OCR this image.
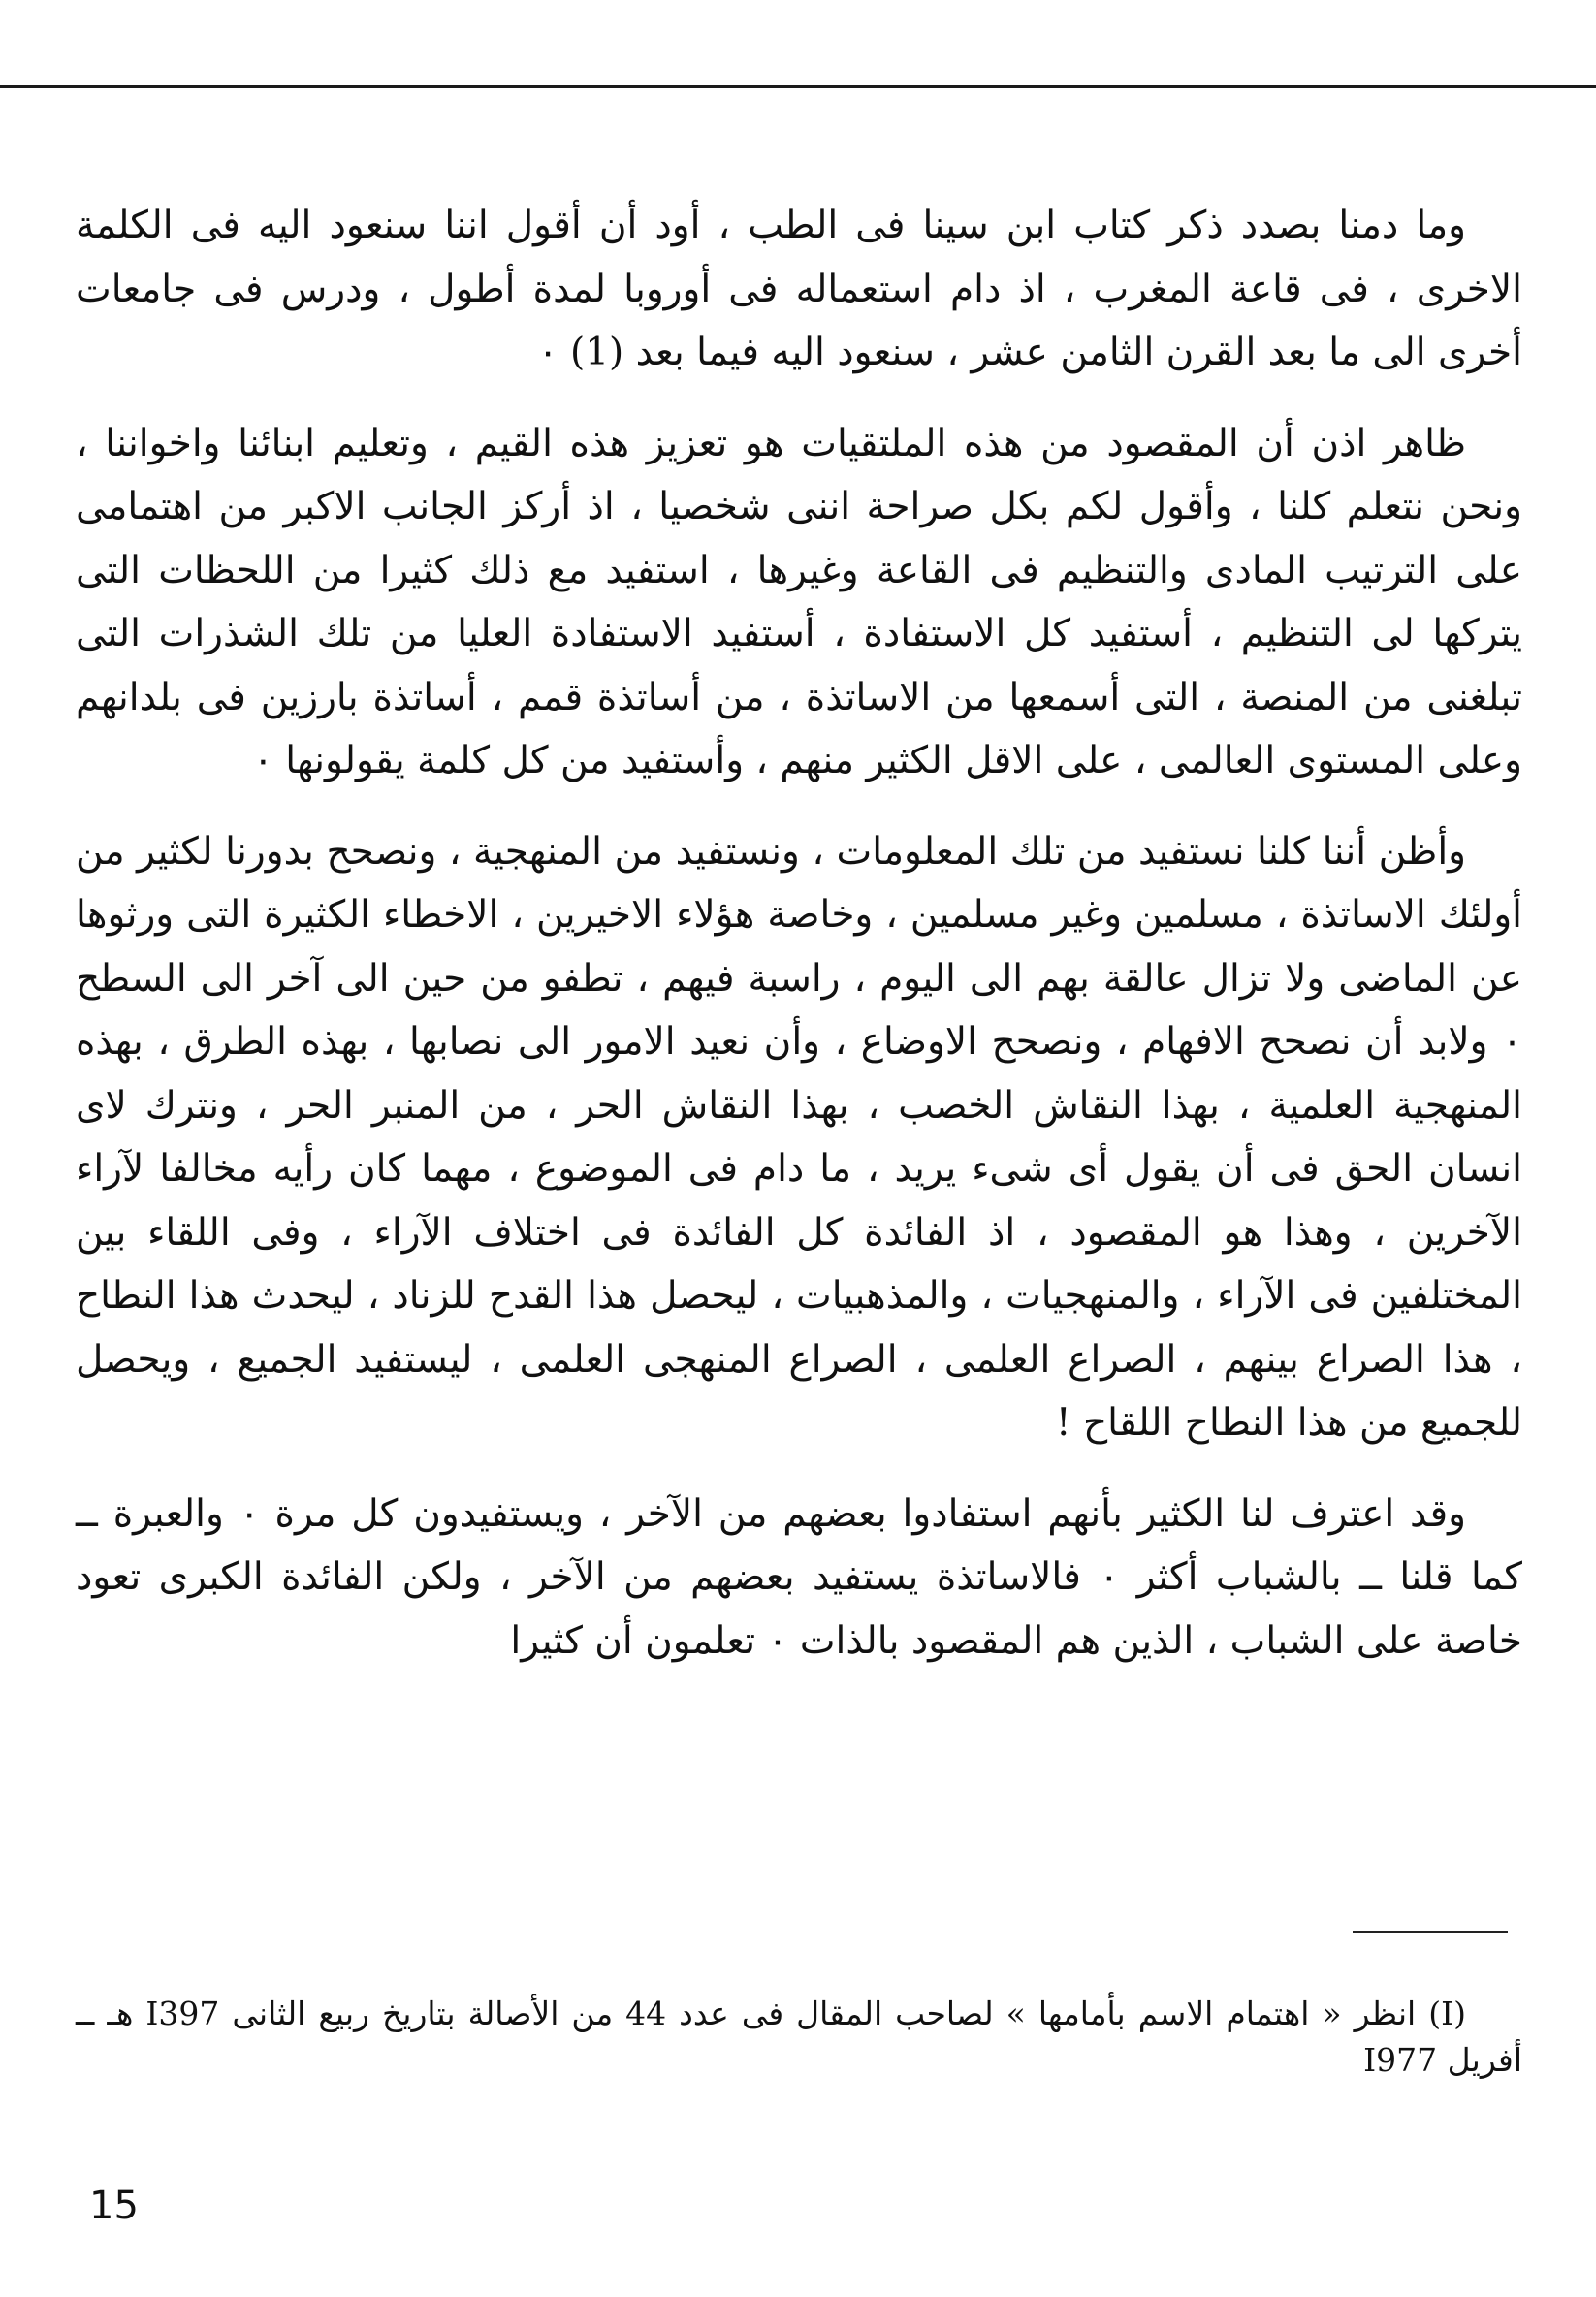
وما دمنا بصدد ذكر كتاب ابن سينا فى الطب ، أود أن أقول اننا سنعود اليه فى الكلمة الاخرى ، فى قاعة المغرب ، اذ دام استعماله فى أوروبا لمدة أطول ، ودرس فى جامعات أخرى الى ما بعد القرن الثامن عشر ، سنعود اليه فيما بعد (1) ٠

ظاهر اذن أن المقصود من هذه الملتقيات هو تعزيز هذه القيم ، وتعليم ابنائنا واخواننا ، ونحن نتعلم كلنا ، وأقول لكم بكل صراحة اننى شخصيا ، اذ أركز الجانب الاكبر من اهتمامى على الترتيب المادى والتنظيم فى القاعة وغيرها ، استفيد مع ذلك كثيرا من اللحظات التى يتركها لى التنظيم ، أستفيد كل الاستفادة ، أستفيد الاستفادة العليا من تلك الشذرات التى تبلغنى من المنصة ، التى أسمعها من الاساتذة ، من أساتذة قمم ، أساتذة بارزين فى بلدانهم وعلى المستوى العالمى ، على الاقل الكثير منهم ، وأستفيد من كل كلمة يقولونها ٠

وأظن أننا كلنا نستفيد من تلك المعلومات ، ونستفيد من المنهجية ، ونصحح بدورنا لكثير من أولئك الاساتذة ، مسلمين وغير مسلمين ، وخاصة هؤلاء الاخيرين ، الاخطاء الكثيرة التى ورثوها عن الماضى ولا تزال عالقة بهم الى اليوم ، راسبة فيهم ، تطفو من حين الى آخر الى السطح ٠ ولابد أن نصحح الافهام ، ونصحح الاوضاع ، وأن نعيد الامور الى نصابها ، بهذه الطرق ، بهذه المنهجية العلمية ، بهذا النقاش الخصب ، بهذا النقاش الحر ، من المنبر الحر ، ونترك لاى انسان الحق فى أن يقول أى شىء يريد ، ما دام فى الموضوع ، مهما كان رأيه مخالفا لآراء الآخرين ، وهذا هو المقصود ، اذ الفائدة كل الفائدة فى اختلاف الآراء ، وفى اللقاء بين المختلفين فى الآراء ، والمنهجيات ، والمذهبيات ، ليحصل هذا القدح للزناد ، ليحدث هذا النطاح ، هذا الصراع بينهم ، الصراع العلمى ، الصراع المنهجى العلمى ، ليستفيد الجميع ، ويحصل للجميع من هذا النطاح اللقاح !

وقد اعترف لنا الكثير بأنهم استفادوا بعضهم من الآخر ، ويستفيدون كل مرة ٠ والعبرة ــ كما قلنا ــ بالشباب أكثر ٠ فالاساتذة يستفيد بعضهم من الآخر ، ولكن الفائدة الكبرى تعود خاصة على الشباب ، الذين هم المقصود بالذات ٠ تعلمون أن كثيرا

(I) انظر « اهتمام الاسم بأمامها » لصاحب المقال فى عدد 44 من الأصالة بتاريخ ربيع الثانى I397 هـ ــ أفريل I977

15
